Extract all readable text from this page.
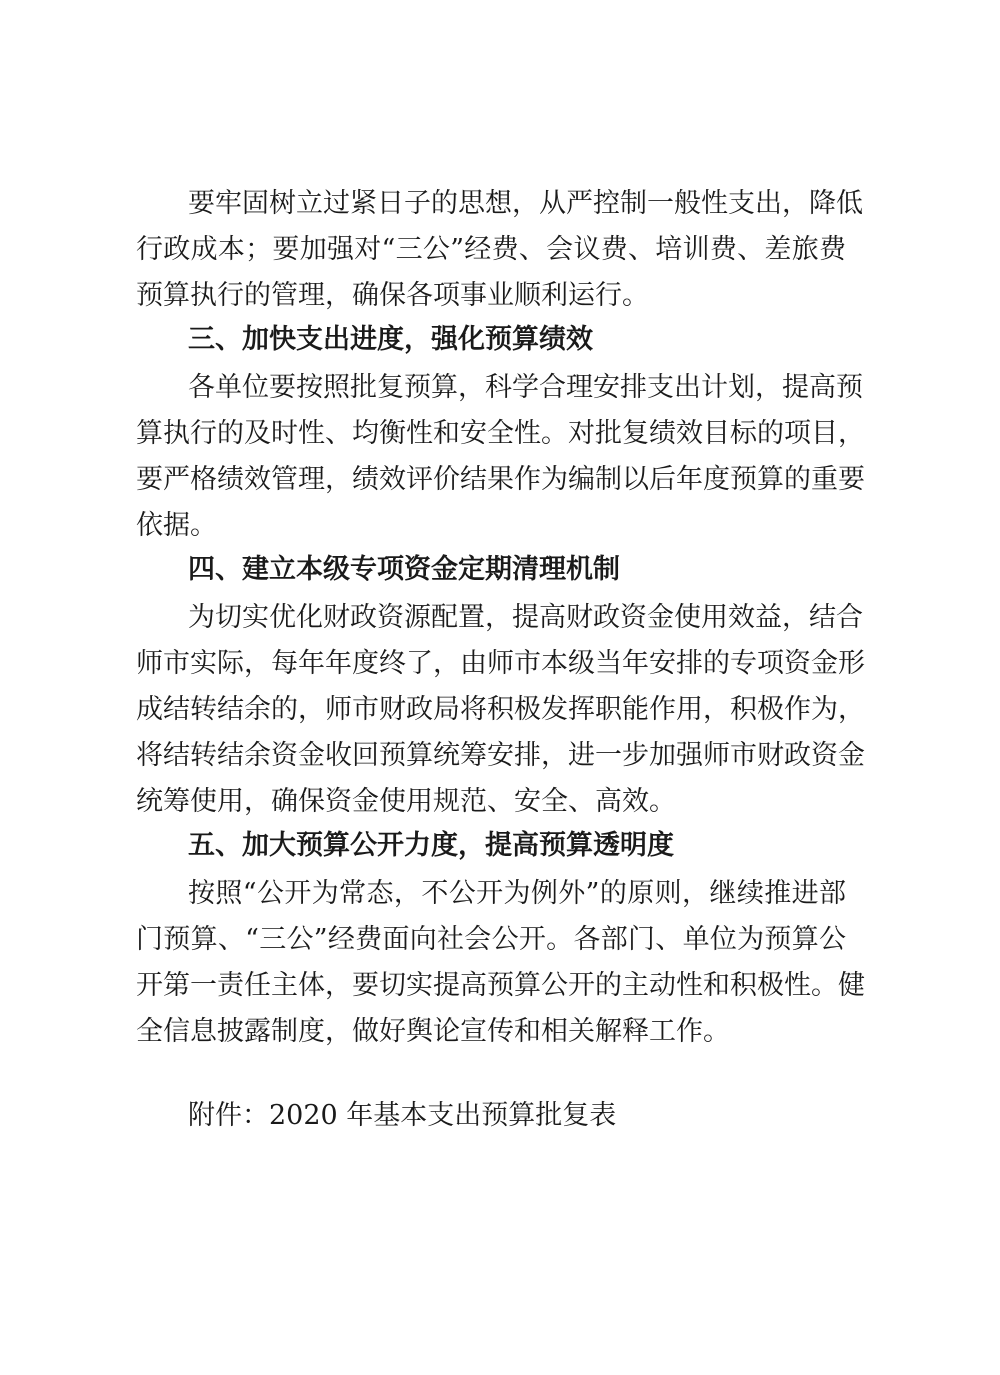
要牢固树立过紧日子的思想，从严控制一般性支出，降低
行政成本；要加强对“三公”经费、会议费、培训费、差旅费
预算执行的管理，确保各项事业顺利运行。
三、加快支出进度，强化预算绩效
各单位要按照批复预算，科学合理安排支出计划，提高预
算执行的及时性、均衡性和安全性。对批复绩效目标的项目，
要严格绩效管理，绩效评价结果作为编制以后年度预算的重要
依据。
四、建立本级专项资金定期清理机制
为切实优化财政资源配置，提高财政资金使用效益，结合
师市实际，每年年度终了，由师市本级当年安排的专项资金形
成结转结余的，师市财政局将积极发挥职能作用，积极作为，
将结转结余资金收回预算统筹安排，进一步加强师市财政资金
统筹使用，确保资金使用规范、安全、高效。
五、加大预算公开力度，提高预算透明度
按照“公开为常态，不公开为例外”的原则，继续推进部
门预算、“三公”经费面向社会公开。各部门、单位为预算公
开第一责任主体，要切实提高预算公开的主动性和积极性。健
全信息披露制度，做好舆论宣传和相关解释工作。
附件：2020 年基本支出预算批复表
